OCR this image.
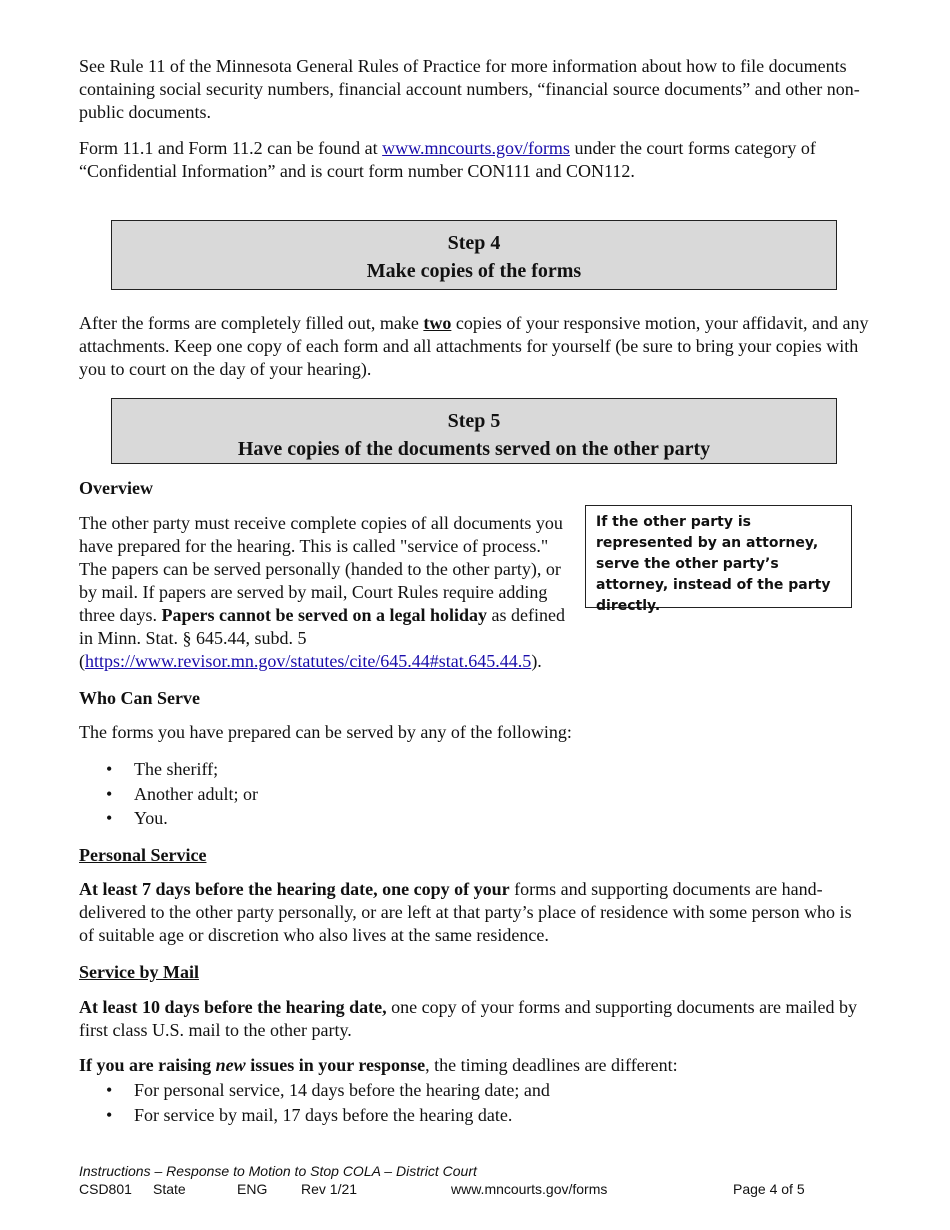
See Rule 11 of the Minnesota General Rules of Practice for more information about how to file documents containing social security numbers, financial account numbers, “financial source documents” and other non-public documents.

Form 11.1 and Form 11.2 can be found at www.mncourts.gov/forms under the court forms category of “Confidential Information” and is court form number CON111 and CON112.

Step 4
Make copies of the forms

After the forms are completely filled out, make two copies of your responsive motion, your affidavit, and any attachments. Keep one copy of each form and all attachments for yourself (be sure to bring your copies with you to court on the day of your hearing).

Step 5
Have copies of the documents served on the other party

Overview

The other party must receive complete copies of all documents you have prepared for the hearing. This is called "service of process." The papers can be served personally (handed to the other party), or by mail. If papers are served by mail, Court Rules require adding three days. Papers cannot be served on a legal holiday as defined in Minn. Stat. § 645.44, subd. 5 (https://www.revisor.mn.gov/statutes/cite/645.44#stat.645.44.5).

If the other party is represented by an attorney, serve the other party’s attorney, instead of the party directly.

Who Can Serve

The forms you have prepared can be served by any of the following:

• The sheriff;
• Another adult; or
• You.

Personal Service

At least 7 days before the hearing date, one copy of your forms and supporting documents are hand-delivered to the other party personally, or are left at that party’s place of residence with some person who is of suitable age or discretion who also lives at the same residence.

Service by Mail

At least 10 days before the hearing date, one copy of your forms and supporting documents are mailed by first class U.S. mail to the other party.

If you are raising new issues in your response, the timing deadlines are different:

• For personal service, 14 days before the hearing date; and
• For service by mail, 17 days before the hearing date.
Instructions – Response to Motion to Stop COLA – District Court
CSD801 State	ENG Rev 1/21	www.mncourts.gov/forms	Page 4 of 5
